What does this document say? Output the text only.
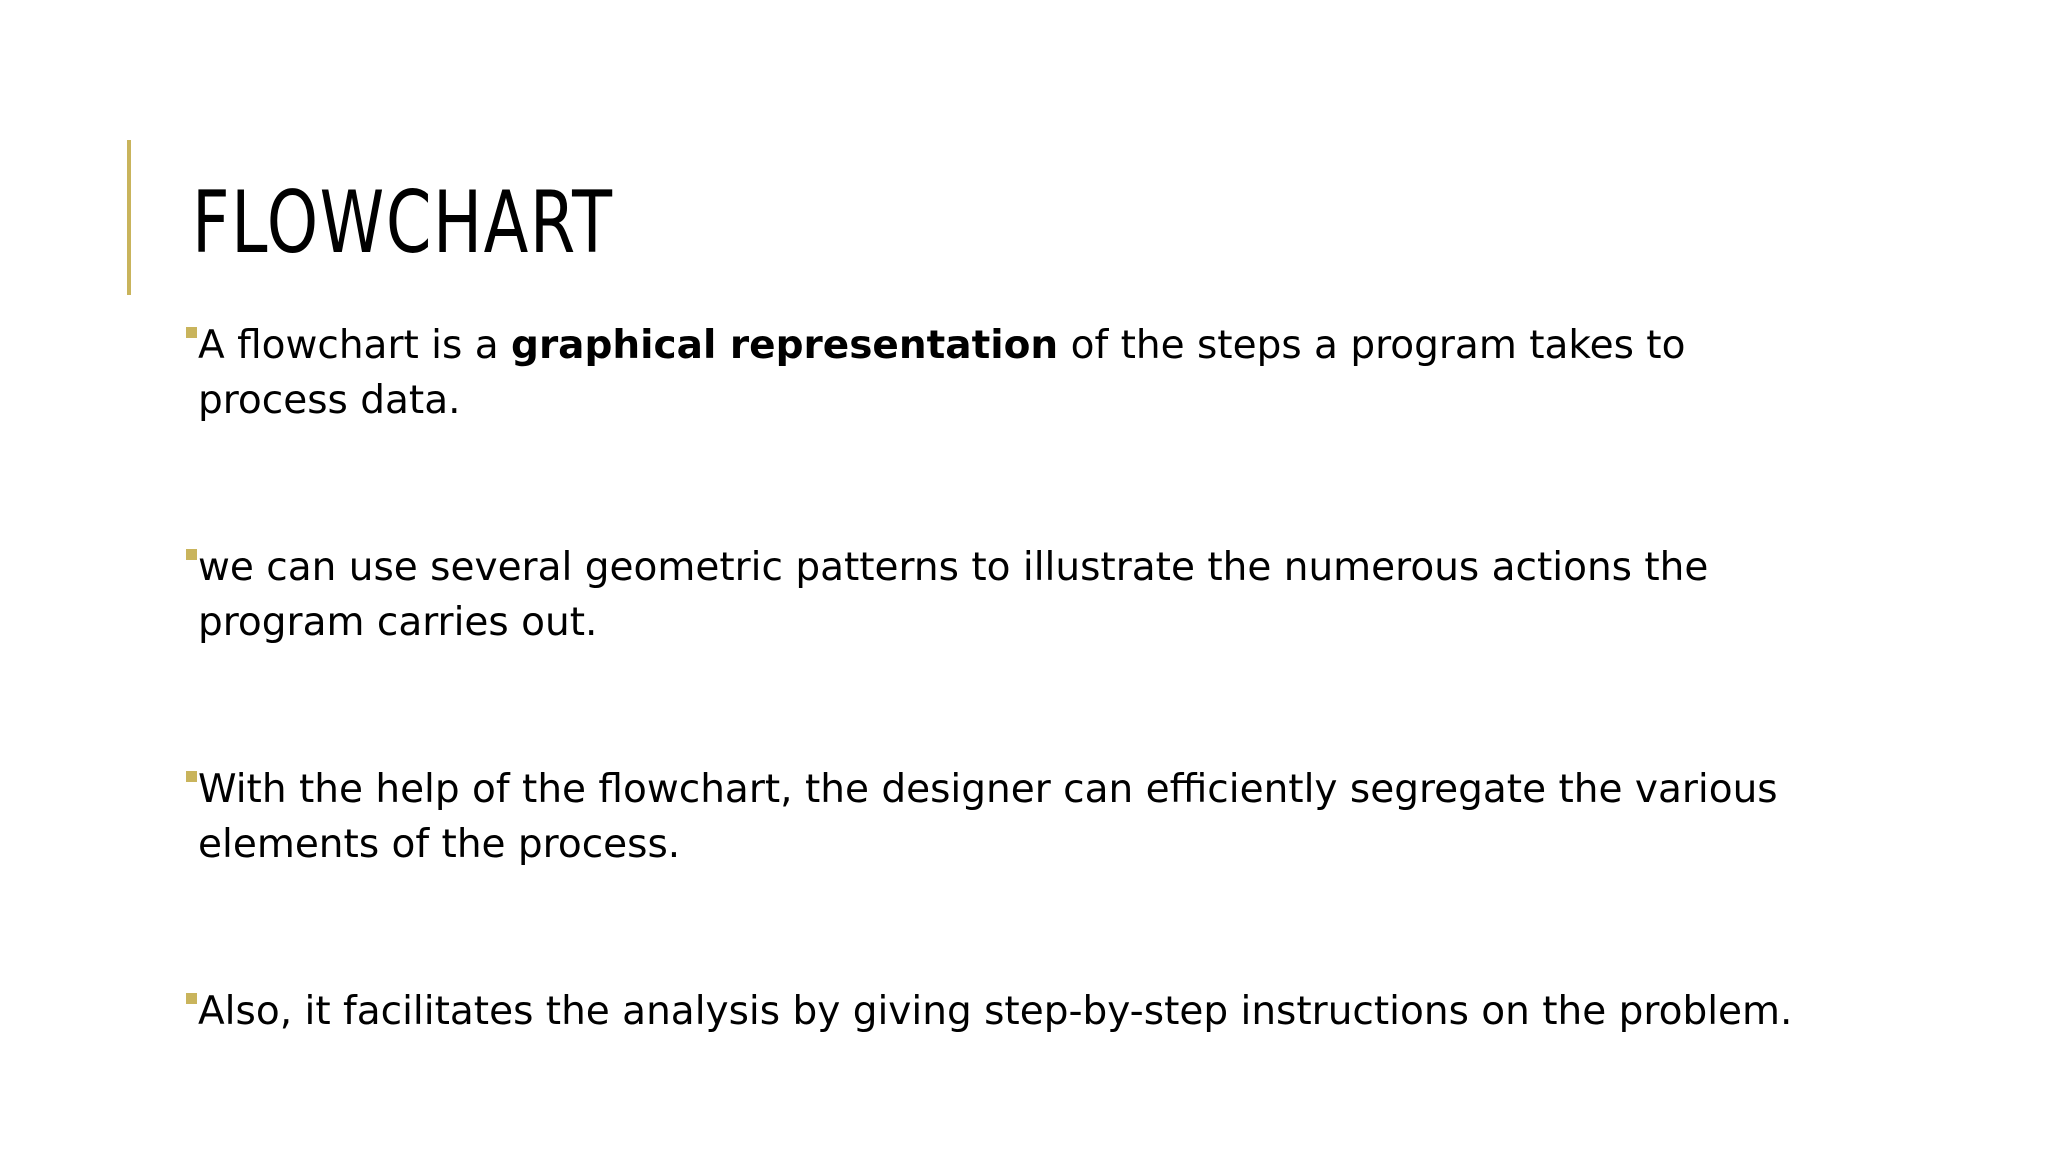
FLOWCHART
A flowchart is a graphical representation of the steps a program takes to process data.
we can use several geometric patterns to illustrate the numerous actions the program carries out.
With the help of the flowchart, the designer can efficiently segregate the various elements of the process.
Also, it facilitates the analysis by giving step-by-step instructions on the problem.
